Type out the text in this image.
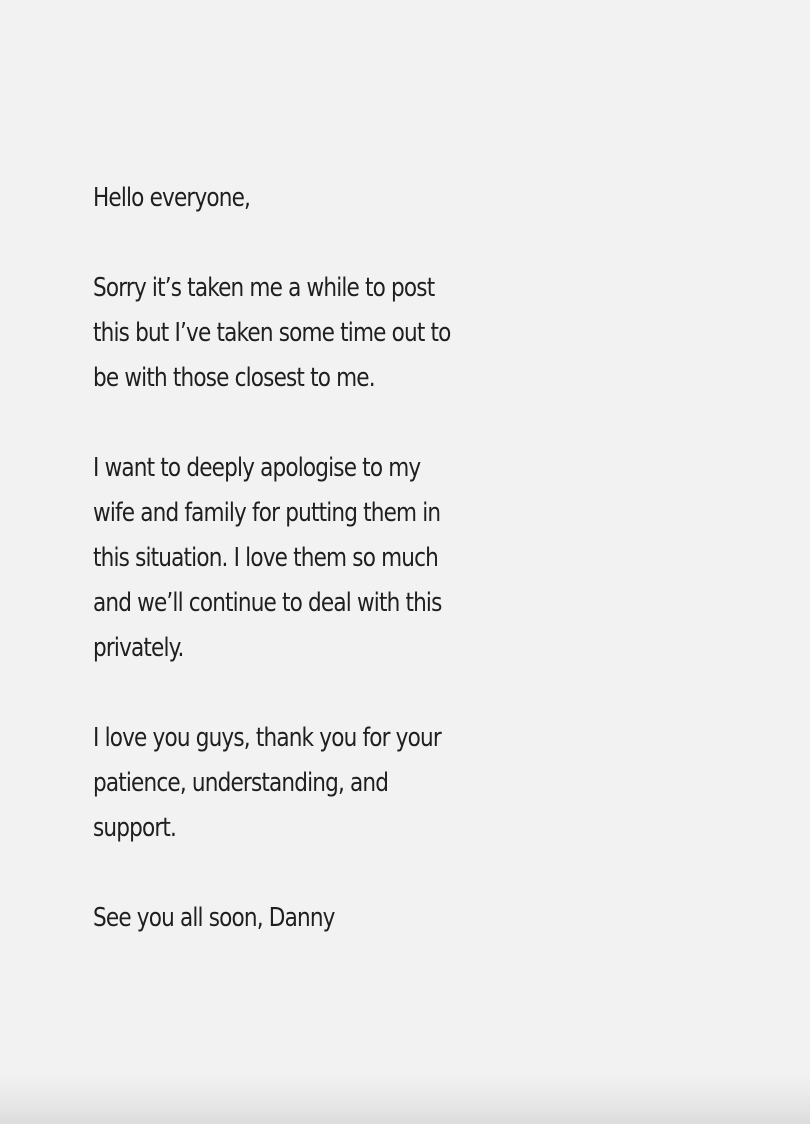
Hello everyone,
Sorry it’s taken me a while to post
this but I’ve taken some time out to
be with those closest to me.
I want to deeply apologise to my
wife and family for putting them in
this situation. I love them so much
and we’ll continue to deal with this
privately.
I love you guys, thank you for your
patience, understanding, and
support.
See you all soon, Danny
